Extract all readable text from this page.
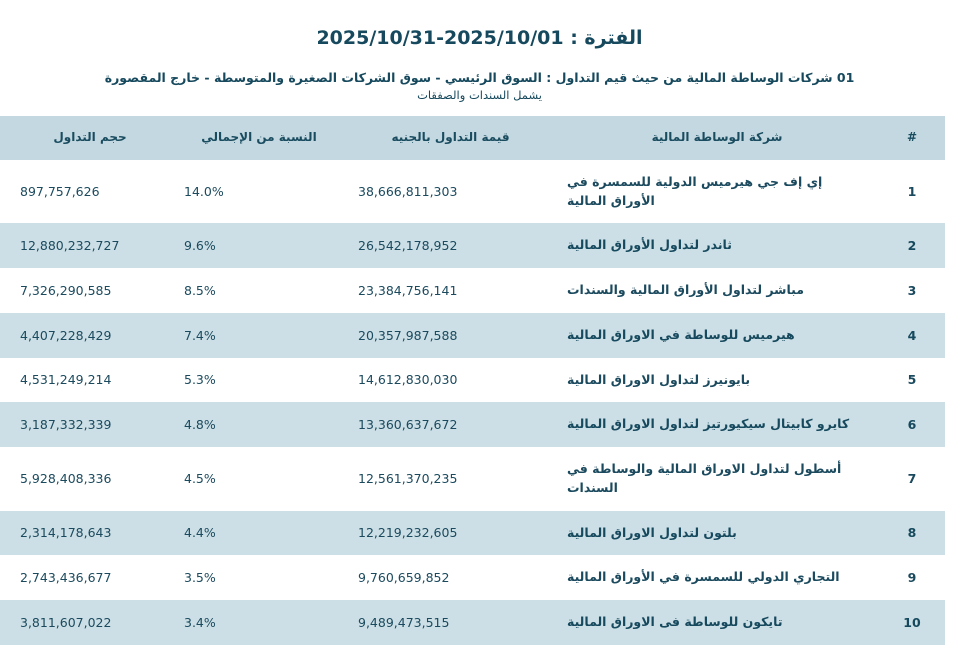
الفترة : 2025/10/01-2025/10/31
01 شركات الوساطة المالية من حيث قيم التداول : السوق الرئيسي - سوق الشركات الصغيرة والمتوسطة - خارج المقصورة
يشمل السندات والصفقات
#	شركة الوساطة المالية	قيمة التداول بالجنيه	النسبة من الإجمالي	حجم التداول	
1	إي إف جي هيرميس الدولية للسمسرة في الأوراق المالية	38,666,811,303	14.0%	897,757,626	
2	ثاندر لتداول الأوراق المالية	26,542,178,952	9.6%	12,880,232,727	
3	مباشر لتداول الأوراق المالية والسندات	23,384,756,141	8.5%	7,326,290,585	
4	هيرميس للوساطة في الاوراق المالية	20,357,987,588	7.4%	4,407,228,429	
5	بايونيرز لتداول الاوراق المالية	14,612,830,030	5.3%	4,531,249,214	
6	كايرو كابيتال سيكيورتيز لتداول الاوراق المالية	13,360,637,672	4.8%	3,187,332,339	
7	أسطول لتداول الاوراق المالية والوساطة في السندات	12,561,370,235	4.5%	5,928,408,336	
8	بلتون لتداول الاوراق المالية	12,219,232,605	4.4%	2,314,178,643	
9	التجاري الدولي للسمسرة في الأوراق المالية	9,760,659,852	3.5%	2,743,436,677	
10	تايكون للوساطة فى الاوراق المالية	9,489,473,515	3.4%	3,811,607,022	
